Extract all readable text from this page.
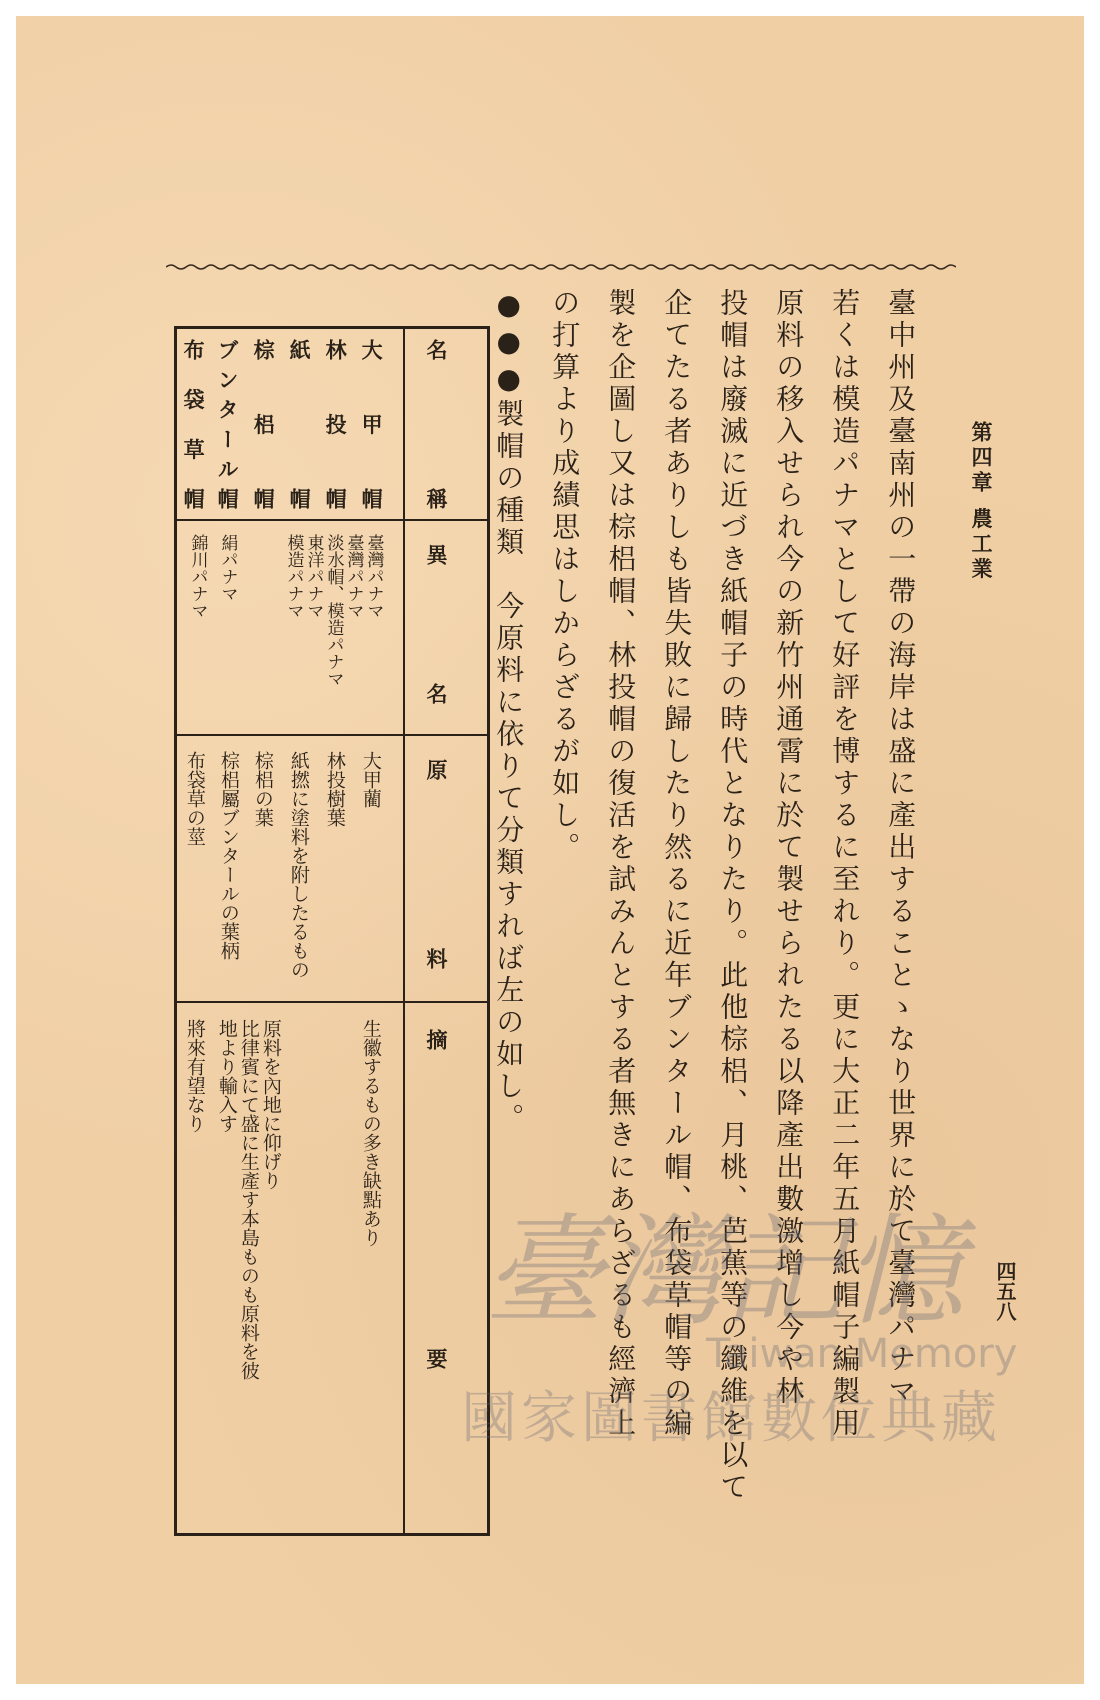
第四章 農工業
四五八
臺中州及臺南州の一帶の海岸は盛に產出することゝなり世界に於て臺灣パナマ
若くは模造パナマとして好評を博するに至れり。更に大正二年五月紙帽子編製用
原料の移入せられ今の新竹州通霄に於て製せられたる以降產出數激增し今や林
投帽は廢滅に近づき紙帽子の時代となりたり。此他棕梠、月桃、芭蕉等の纖維を以て
企てたる者ありしも皆失敗に歸したり然るに近年ブンタール帽、布袋草帽等の編
製を企圖し又は棕梠帽、林投帽の復活を試みんとする者無きにあらざるも經濟上
の打算より成績思はしからざるが如し。
●●●製帽の種類　今原料に依りて分類すれば左の如し。
名　稱
異　名
原　料
摘　要
大甲帽
林投帽
紙帽
棕梠帽
ブンタール帽
布袋草帽
臺灣パナマ
臺灣パナマ
淡水帽、模造パナマ
東洋パナマ
模造パナマ
絹パナマ
錦川パナマ
大甲藺
林投樹葉
紙撚に塗料を附したるもの
棕梠の葉
棕梠屬ブンタールの葉柄
布袋草の莖
生徽するもの多き缺點あり
原料を內地に仰げり
比律賓にて盛に生產す本島ものも原料を彼
地より輸入す
將來有望なり
臺灣記憶
Taiwan Memory
國家圖書館數位典藏
